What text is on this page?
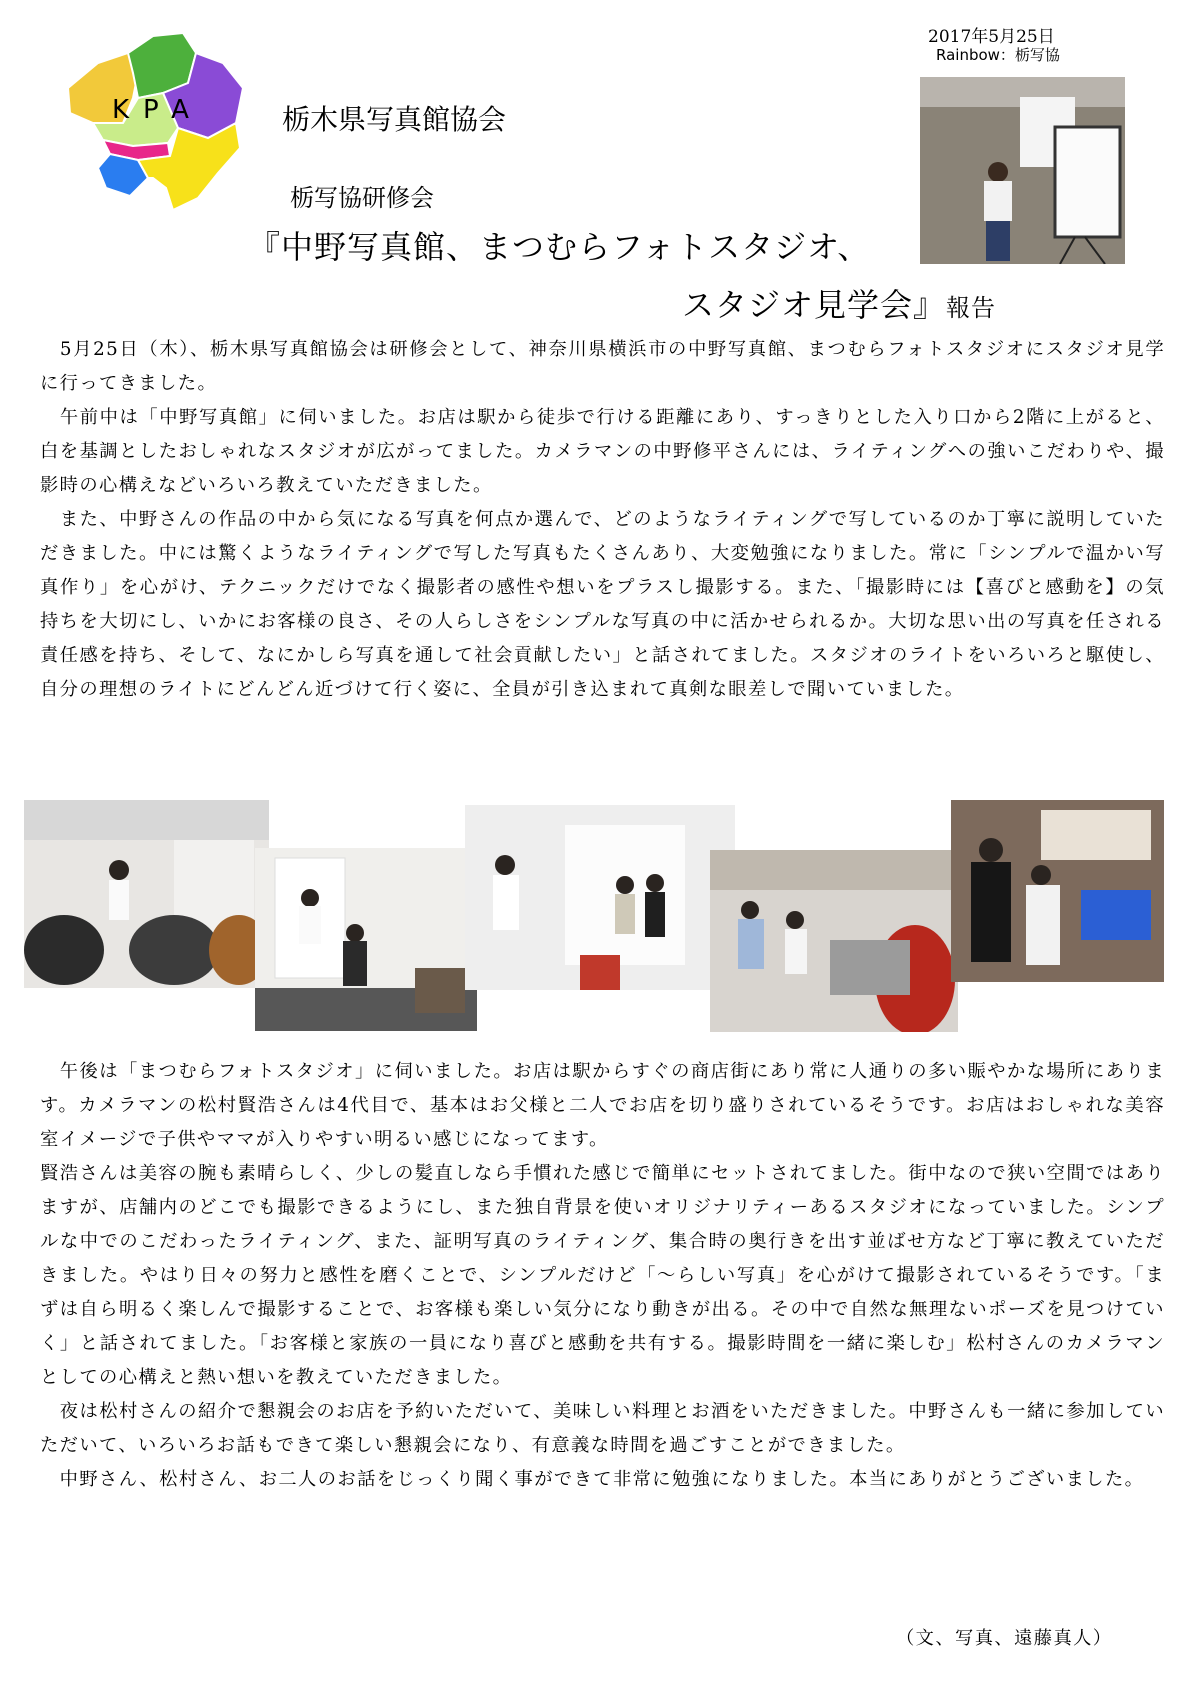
KPA	栃木県写真館協会
栃写協研修会
『中野写真館、まつむらフォトスタジオ、
スタジオ見学会』報告
2017年5月25日
Rainbow：栃写協
　5月25日（木）、栃木県写真館協会は研修会として、神奈川県横浜市の中野写真館、まつむらフォトスタジオにスタジオ見学に行ってきました。
　午前中は「中野写真館」に伺いました。お店は駅から徒歩で行ける距離にあり、すっきりとした入り口から2階に上がると、白を基調としたおしゃれなスタジオが広がってました。カメラマンの中野修平さんには、ライティングへの強いこだわりや、撮影時の心構えなどいろいろ教えていただきました。
　また、中野さんの作品の中から気になる写真を何点か選んで、どのようなライティングで写しているのか丁寧に説明していただきました。中には驚くようなライティングで写した写真もたくさんあり、大変勉強になりました。常に「シンプルで温かい写真作り」を心がけ、テクニックだけでなく撮影者の感性や想いをプラスし撮影する。また、「撮影時には【喜びと感動を】の気持ちを大切にし、いかにお客様の良さ、その人らしさをシンプルな写真の中に活かせられるか。大切な思い出の写真を任される責任感を持ち、そして、なにかしら写真を通して社会貢献したい」と話されてました。スタジオのライトをいろいろと駆使し、自分の理想のライトにどんどん近づけて行く姿に、全員が引き込まれて真剣な眼差しで聞いていました。
　午後は「まつむらフォトスタジオ」に伺いました。お店は駅からすぐの商店街にあり常に人通りの多い賑やかな場所にあります。カメラマンの松村賢浩さんは4代目で、基本はお父様と二人でお店を切り盛りされているそうです。お店はおしゃれな美容室イメージで子供やママが入りやすい明るい感じになってます。
賢浩さんは美容の腕も素晴らしく、少しの髪直しなら手慣れた感じで簡単にセットされてました。街中なので狭い空間ではありますが、店舗内のどこでも撮影できるようにし、また独自背景を使いオリジナリティーあるスタジオになっていました。シンプルな中でのこだわったライティング、また、証明写真のライティング、集合時の奥行きを出す並ばせ方など丁寧に教えていただきました。やはり日々の努力と感性を磨くことで、シンプルだけど「～らしい写真」を心がけて撮影されているそうです。「まずは自ら明るく楽しんで撮影することで、お客様も楽しい気分になり動きが出る。その中で自然な無理ないポーズを見つけていく」と話されてました。「お客様と家族の一員になり喜びと感動を共有する。撮影時間を一緒に楽しむ」松村さんのカメラマンとしての心構えと熱い想いを教えていただきました。
　夜は松村さんの紹介で懇親会のお店を予約いただいて、美味しい料理とお酒をいただきました。中野さんも一緒に参加していただいて、いろいろお話もできて楽しい懇親会になり、有意義な時間を過ごすことができました。
　中野さん、松村さん、お二人のお話をじっくり聞く事ができて非常に勉強になりました。本当にありがとうございました。
（文、写真、遠藤真人）
